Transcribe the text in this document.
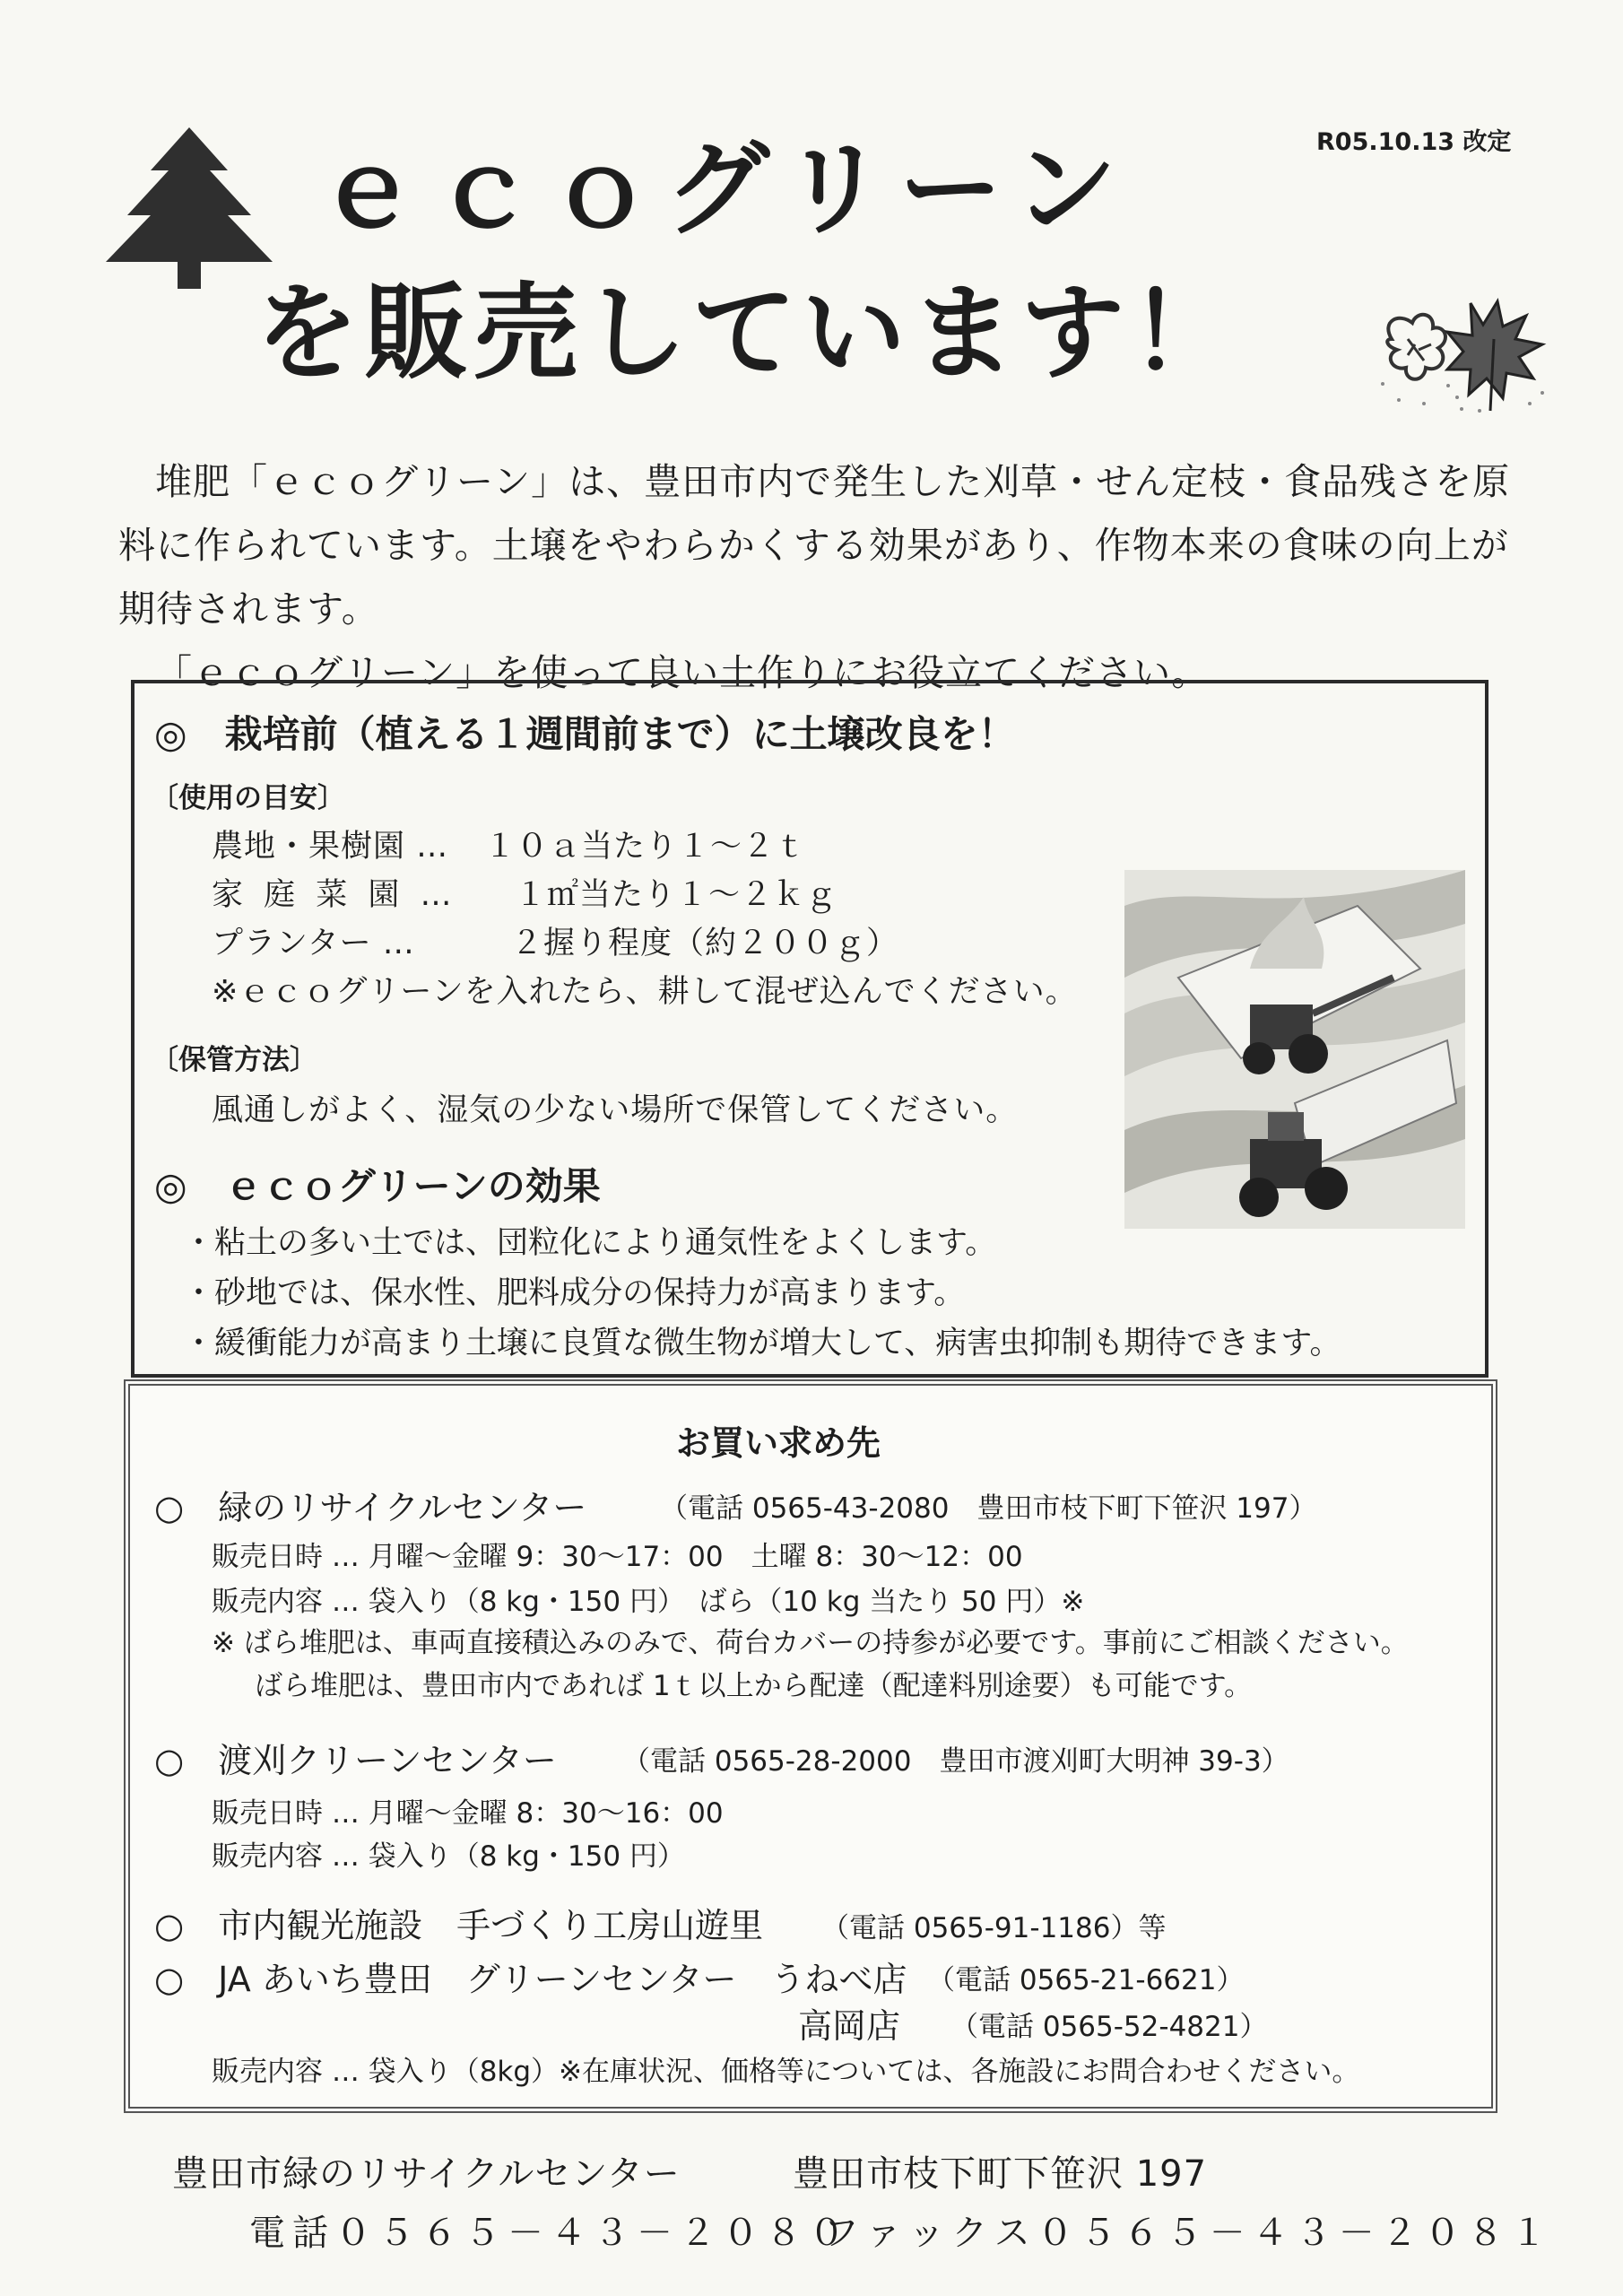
R05.10.13 改定
ｅｃｏグリーン
を販売しています！

堆肥「ｅｃｏグリーン」は、豊田市内で発生した刈草・せん定枝・食品残さを原料に作られています。土壌をやわらかくする効果があり、作物本来の食味の向上が期待されます。

「ｅｃｏグリーン」を使って良い土作りにお役立てください。

◎　栽培前（植える１週間前まで）に土壌改良を！
〔使用の目安〕
農地・果樹園 … １０ａ当たり１～２ｔ
家 庭 菜 園 … １㎡当たり１～２ｋｇ
プランター …	２握り程度（約２００ｇ）
※ｅｃｏグリーンを入れたら、耕して混ぜ込んでください。
〔保管方法〕
風通しがよく、湿気の少ない場所で保管してください。
◎　ｅｃｏグリーンの効果
・粘土の多い土では、団粒化により通気性をよくします。
・砂地では、保水性、肥料成分の保持力が高まります。
・緩衝能力が高まり土壌に良質な微生物が増大して、病害虫抑制も期待できます。
お買い求め先
○　緑のリサイクルセンター	（電話 0565-43-2080　豊田市枝下町下笹沢 197）
販売日時 … 月曜～金曜 9：30～17：00　土曜 8：30～12：00
販売内容 … 袋入り（8 kg・150 円）　ばら（10 kg 当たり 50 円）※
※ ばら堆肥は、車両直接積込みのみで、荷台カバーの持参が必要です。事前にご相談ください。
ばら堆肥は、豊田市内であれば 1ｔ以上から配達（配達料別途要）も可能です。
○　渡刈クリーンセンター （電話 0565-28-2000　豊田市渡刈町大明神 39-3）
販売日時 … 月曜～金曜 8：30～16：00
販売内容 … 袋入り（8 kg・150 円）
○　市内観光施設　手づくり工房山遊里 （電話 0565-91-1186）等
○　JA あいち豊田　グリーンセンター　うねべ店 （電話 0565-21-6621）
高岡店 （電話 0565-52-4821）
販売内容 … 袋入り（8kg）※在庫状況、価格等については、各施設にお問合わせください。
豊田市緑のリサイクルセンター	豊田市枝下町下笹沢 197
電話０５６５－４３－２０８０
ファックス０５６５－４３－２０８１
